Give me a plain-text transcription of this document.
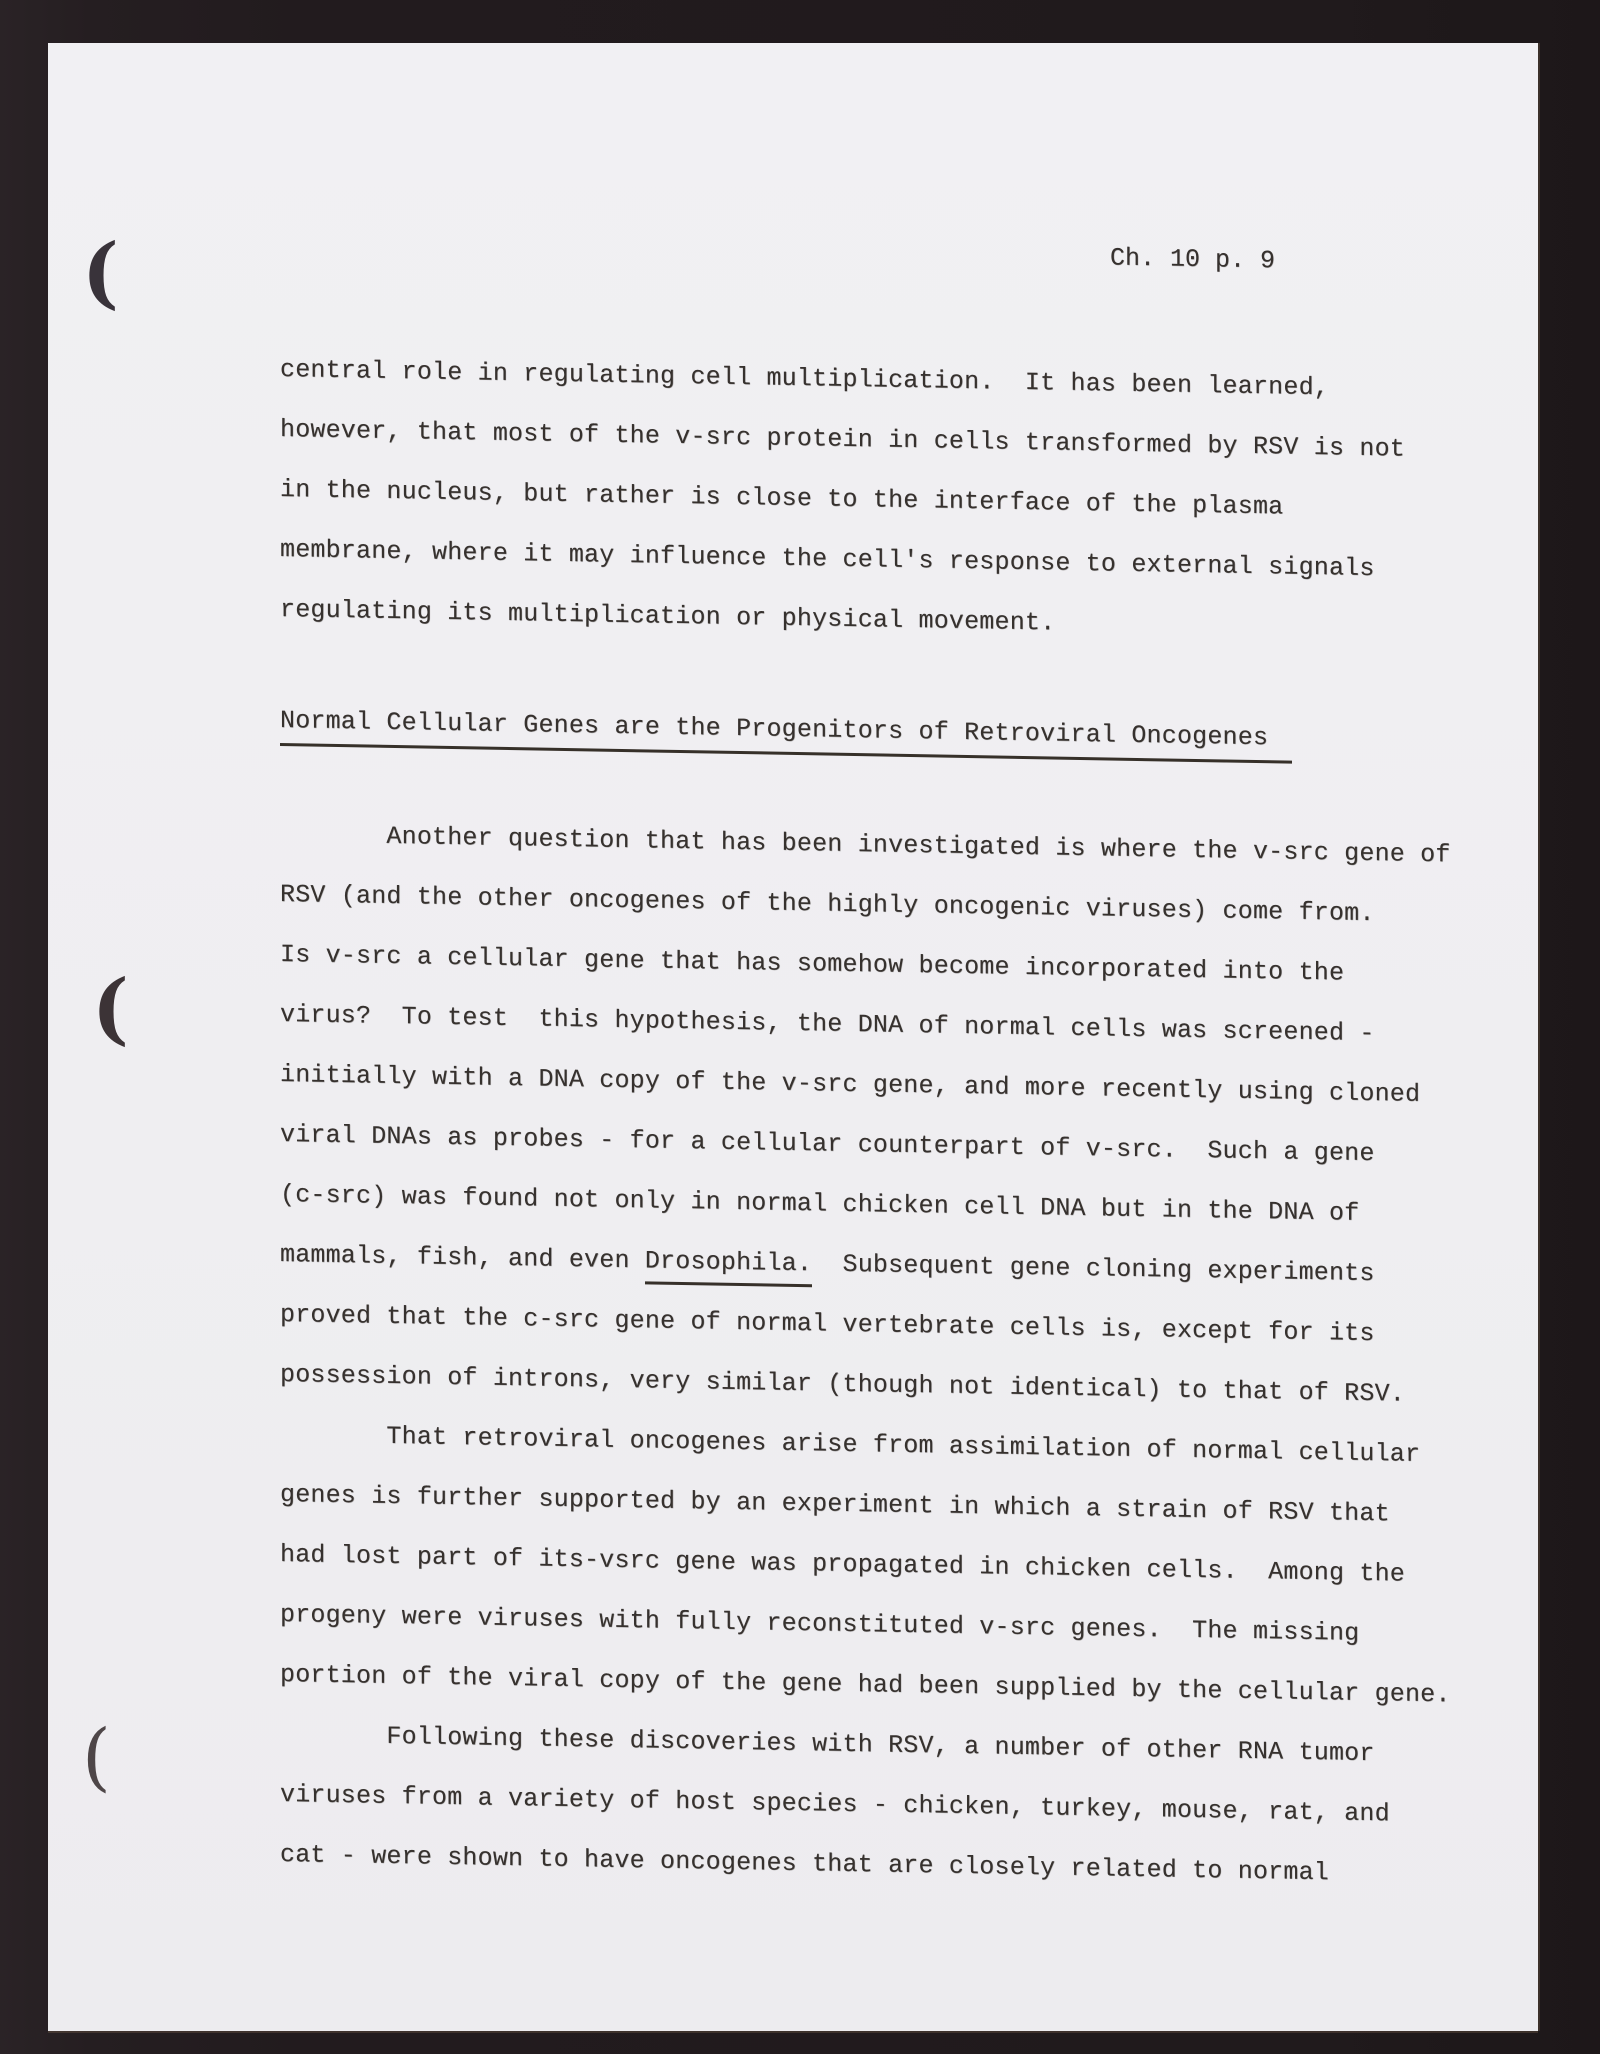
Ch. 10 p. 9
central role in regulating cell multiplication.  It has been learned,
however, that most of the v-src protein in cells transformed by RSV is not
in the nucleus, but rather is close to the interface of the plasma
membrane, where it may influence the cell's response to external signals
regulating its multiplication or physical movement.
Normal Cellular Genes are the Progenitors of Retroviral Oncogenes
Another question that has been investigated is where the v-src gene of
RSV (and the other oncogenes of the highly oncogenic viruses) come from.
Is v-src a cellular gene that has somehow become incorporated into the
virus?  To test  this hypothesis, the DNA of normal cells was screened -
initially with a DNA copy of the v-src gene, and more recently using cloned
viral DNAs as probes - for a cellular counterpart of v-src.  Such a gene
(c-src) was found not only in normal chicken cell DNA but in the DNA of
mammals, fish, and even Drosophila.  Subsequent gene cloning experiments
proved that the c-src gene of normal vertebrate cells is, except for its
possession of introns, very similar (though not identical) to that of RSV.
That retroviral oncogenes arise from assimilation of normal cellular
genes is further supported by an experiment in which a strain of RSV that
had lost part of its-vsrc gene was propagated in chicken cells.  Among the
progeny were viruses with fully reconstituted v-src genes.  The missing
portion of the viral copy of the gene had been supplied by the cellular gene.
Following these discoveries with RSV, a number of other RNA tumor
viruses from a variety of host species - chicken, turkey, mouse, rat, and
cat - were shown to have oncogenes that are closely related to normal
(
(
(
